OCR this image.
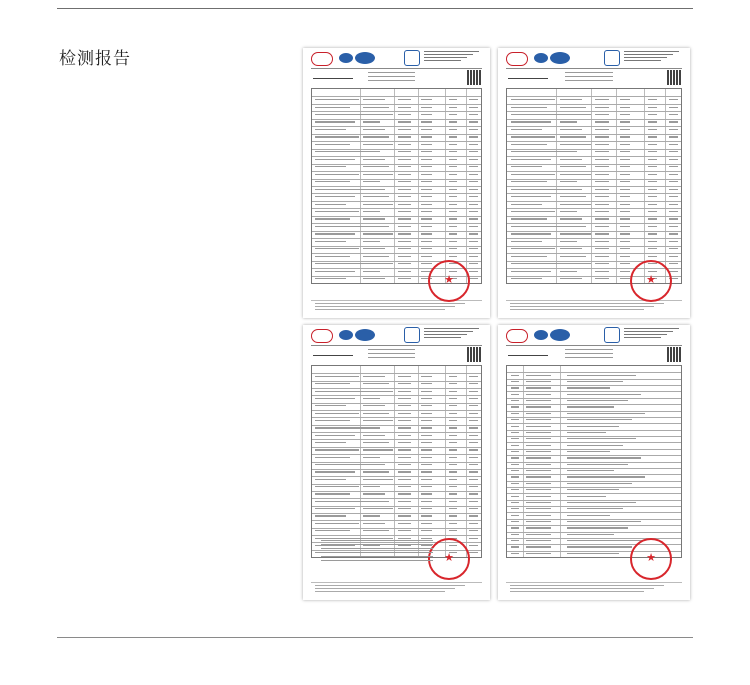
检测报告
★
★
★
★
